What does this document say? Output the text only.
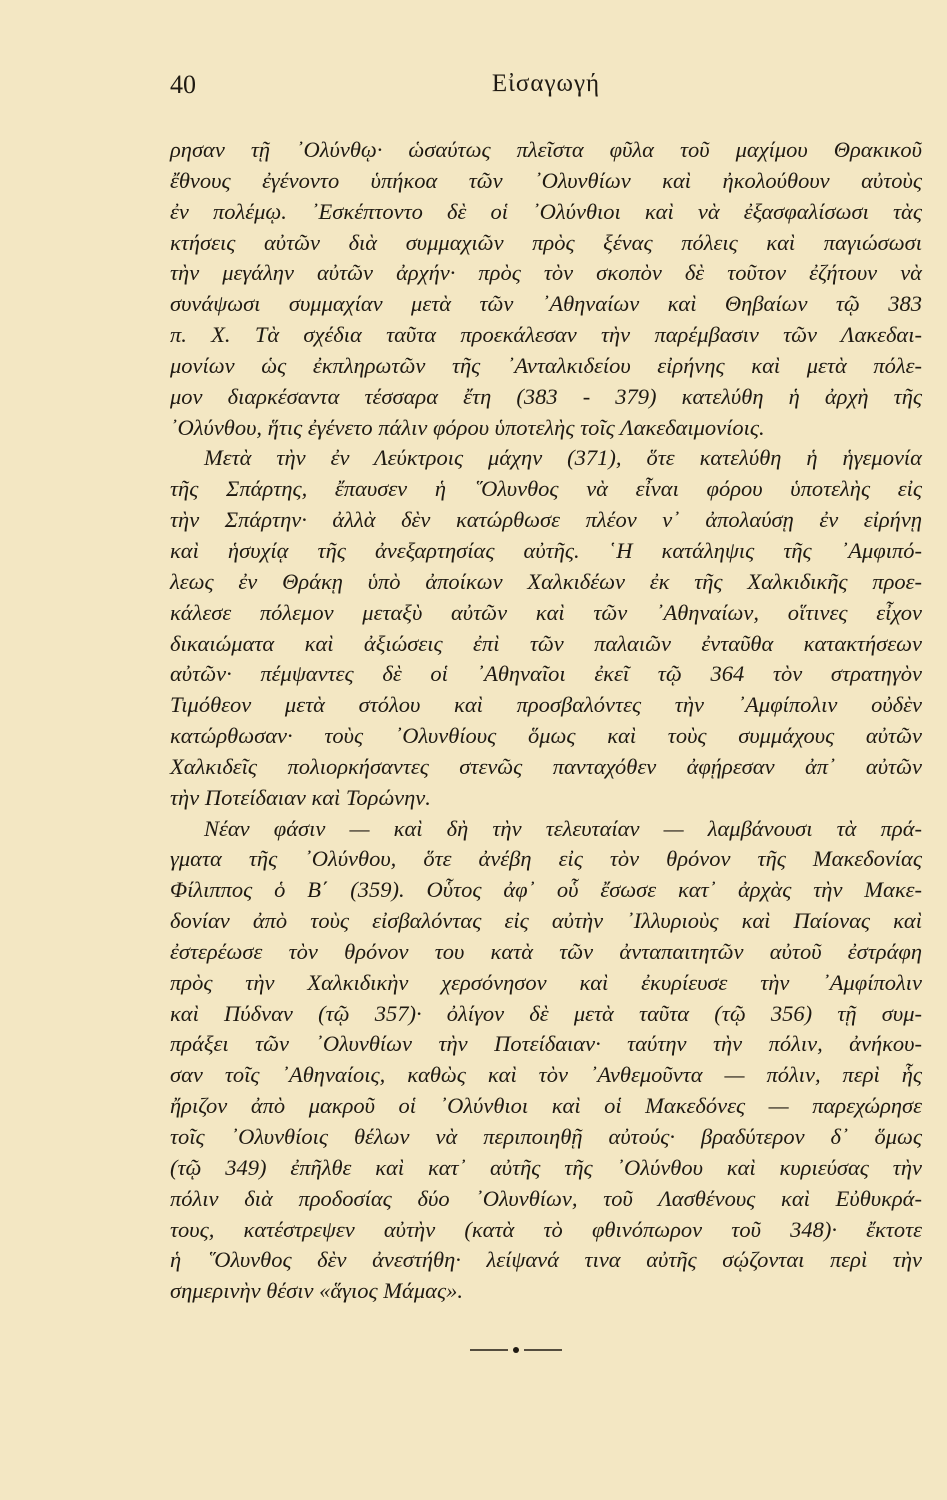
40	Εἰσαγωγή
ρησαν τῇ ᾿Ολύνθῳ· ὡσαύτως πλεῖστα φῦλα τοῦ μαχίμου Θρακικοῦ
ἔθνους ἐγένοντο ὑπήκοα τῶν ᾿Ολυνθίων καὶ ἠκολούθουν αὐτοὺς
ἐν πολέμῳ. ᾿Εσκέπτοντο δὲ οἱ ᾿Ολύνθιοι καὶ νὰ ἐξασφαλίσωσι τὰς
κτήσεις αὐτῶν διὰ συμμαχιῶν πρὸς ξένας πόλεις καὶ παγιώσωσι
τὴν μεγάλην αὐτῶν ἀρχήν· πρὸς τὸν σκοπὸν δὲ τοῦτον ἐζήτουν νὰ
συνάψωσι συμμαχίαν μετὰ τῶν ᾿Αθηναίων καὶ Θηβαίων τῷ 383
π. Χ. Τὰ σχέδια ταῦτα προεκάλεσαν τὴν παρέμβασιν τῶν Λακεδαι-
μονίων ὡς ἐκπληρωτῶν τῆς ᾿Ανταλκιδείου εἰρήνης καὶ μετὰ πόλε-
μον διαρκέσαντα τέσσαρα ἔτη (383 - 379) κατελύθη ἡ ἀρχὴ τῆς
᾿Ολύνθου, ἥτις ἐγένετο πάλιν φόρου ὑποτελὴς τοῖς Λακεδαιμονίοις.
Μετὰ τὴν ἐν Λεύκτροις μάχην (371), ὅτε κατελύθη ἡ ἡγεμονία
τῆς Σπάρτης, ἔπαυσεν ἡ ῞Ολυνθος νὰ εἶναι φόρου ὑποτελὴς εἰς
τὴν Σπάρτην· ἀλλὰ δὲν κατώρθωσε πλέον ν᾿ ἀπολαύσῃ ἐν εἰρήνῃ
καὶ ἡσυχίᾳ τῆς ἀνεξαρτησίας αὐτῆς. ῾Η κατάληψις τῆς ᾿Αμφιπό-
λεως ἐν Θράκῃ ὑπὸ ἀποίκων Χαλκιδέων ἐκ τῆς Χαλκιδικῆς προε-
κάλεσε πόλεμον μεταξὺ αὐτῶν καὶ τῶν ᾿Αθηναίων, οἵτινες εἶχον
δικαιώματα καὶ ἀξιώσεις ἐπὶ τῶν παλαιῶν ἐνταῦθα κατακτήσεων
αὐτῶν· πέμψαντες δὲ οἱ ᾿Αθηναῖοι ἐκεῖ τῷ 364 τὸν στρατηγὸν
Τιμόθεον μετὰ στόλου καὶ προσβαλόντες τὴν ᾿Αμφίπολιν οὐδὲν
κατώρθωσαν· τοὺς ᾿Ολυνθίους ὅμως καὶ τοὺς συμμάχους αὐτῶν
Χαλκιδεῖς πολιορκήσαντες στενῶς πανταχόθεν ἀφῄρεσαν ἀπ᾿ αὐτῶν
τὴν Ποτείδαιαν καὶ Τορώνην.
Νέαν φάσιν — καὶ δὴ τὴν τελευταίαν — λαμβάνουσι τὰ πρά-
γματα τῆς ᾿Ολύνθου, ὅτε ἀνέβη εἰς τὸν θρόνον τῆς Μακεδονίας
Φίλιππος ὁ Β΄ (359). Οὗτος ἀφ᾿ οὗ ἔσωσε κατ᾿ ἀρχὰς τὴν Μακε-
δονίαν ἀπὸ τοὺς εἰσβαλόντας εἰς αὐτὴν ᾿Ιλλυριοὺς καὶ Παίονας καὶ
ἐστερέωσε τὸν θρόνον του κατὰ τῶν ἀνταπαιτητῶν αὐτοῦ ἐστράφη
πρὸς τὴν Χαλκιδικὴν χερσόνησον καὶ ἐκυρίευσε τὴν ᾿Αμφίπολιν
καὶ Πύδναν (τῷ 357)· ὀλίγον δὲ μετὰ ταῦτα (τῷ 356) τῇ συμ-
πράξει τῶν ᾿Ολυνθίων τὴν Ποτείδαιαν· ταύτην τὴν πόλιν, ἀνήκου-
σαν τοῖς ᾿Αθηναίοις, καθὼς καὶ τὸν ᾿Ανθεμοῦντα — πόλιν, περὶ ἧς
ἤριζον ἀπὸ μακροῦ οἱ ᾿Ολύνθιοι καὶ οἱ Μακεδόνες — παρεχώρησε
τοῖς ᾿Ολυνθίοις θέλων νὰ περιποιηθῇ αὐτούς· βραδύτερον δ᾿ ὅμως
(τῷ 349) ἐπῆλθε καὶ κατ᾿ αὐτῆς τῆς ᾿Ολύνθου καὶ κυριεύσας τὴν
πόλιν διὰ προδοσίας δύο ᾿Ολυνθίων, τοῦ Λασθένους καὶ Εὐθυκρά-
τους, κατέστρεψεν αὐτὴν (κατὰ τὸ φθινόπωρον τοῦ 348)· ἔκτοτε
ἡ ῞Ολυνθος δὲν ἀνεστήθη· λείψανά τινα αὐτῆς σῴζονται περὶ τὴν
σημερινὴν θέσιν «ἅγιος Μάμας».
